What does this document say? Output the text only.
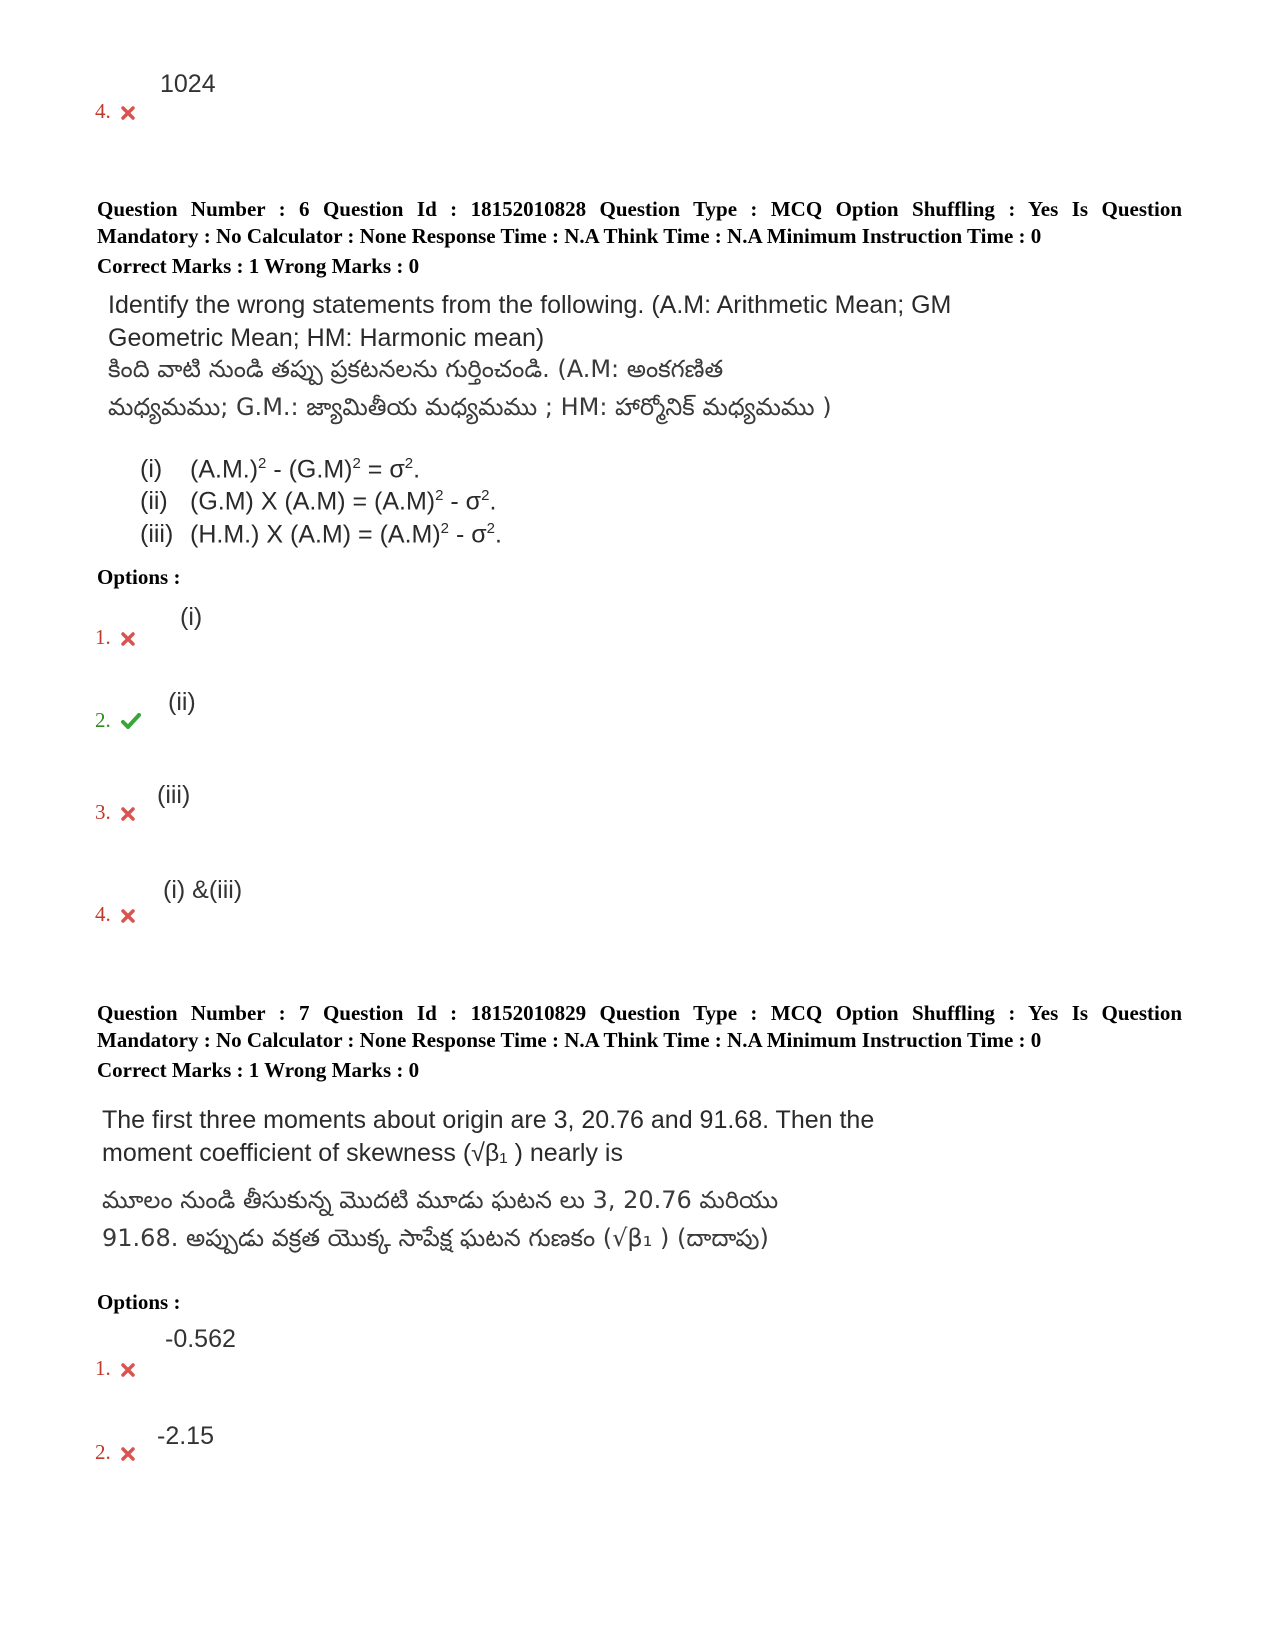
1024
4.

Question Number : 6 Question Id : 18152010828 Question Type : MCQ Option Shuffling : Yes Is Question

Mandatory : No Calculator : None Response Time : N.A Think Time : N.A Minimum Instruction Time : 0

Correct Marks : 1 Wrong Marks : 0

Identify the wrong statements from the following. (A.M: Arithmetic Mean; GM

Geometric Mean; HM: Harmonic mean)

కింది వాటి నుండి తప్పు ప్రకటనలను గుర్తించండి. (A.M: అంకగణిత
మధ్యమము; G.M.: జ్యామితీయ మధ్యమము ; HM: హార్మోనిక్ మధ్యమము )
(i) $(A.M.)^2 - (G.M)^2 = \sigma^2$.
(ii) (G.M) X $(A.M) = (A.M)^2 - \sigma^2$.
(iii) (H.M.) X $(A.M) = (A.M)^2 - \sigma^2$.
Options :
(i)
1.
(ii)
2.
(iii)
3.
(i) &(iii)
4.

Question Number : 7 Question Id : 18152010829 Question Type : MCQ Option Shuffling : Yes Is Question

Mandatory : No Calculator : None Response Time : N.A Think Time : N.A Minimum Instruction Time : 0

Correct Marks : 1 Wrong Marks : 0

The first three moments about origin are 3, 20.76 and 91.68. Then the

moment coefficient of skewness (√β₁ ) nearly is

మూలం నుండి తీసుకున్న మొదటి మూడు ఘటన లు 3, 20.76 మరియు
91.68. అప్పుడు వక్రత యొక్క సాపేక్ష ఘటన గుణకం (√β₁ ) (దాదాపు)
Options :
-0.562
1.
-2.15
2.
